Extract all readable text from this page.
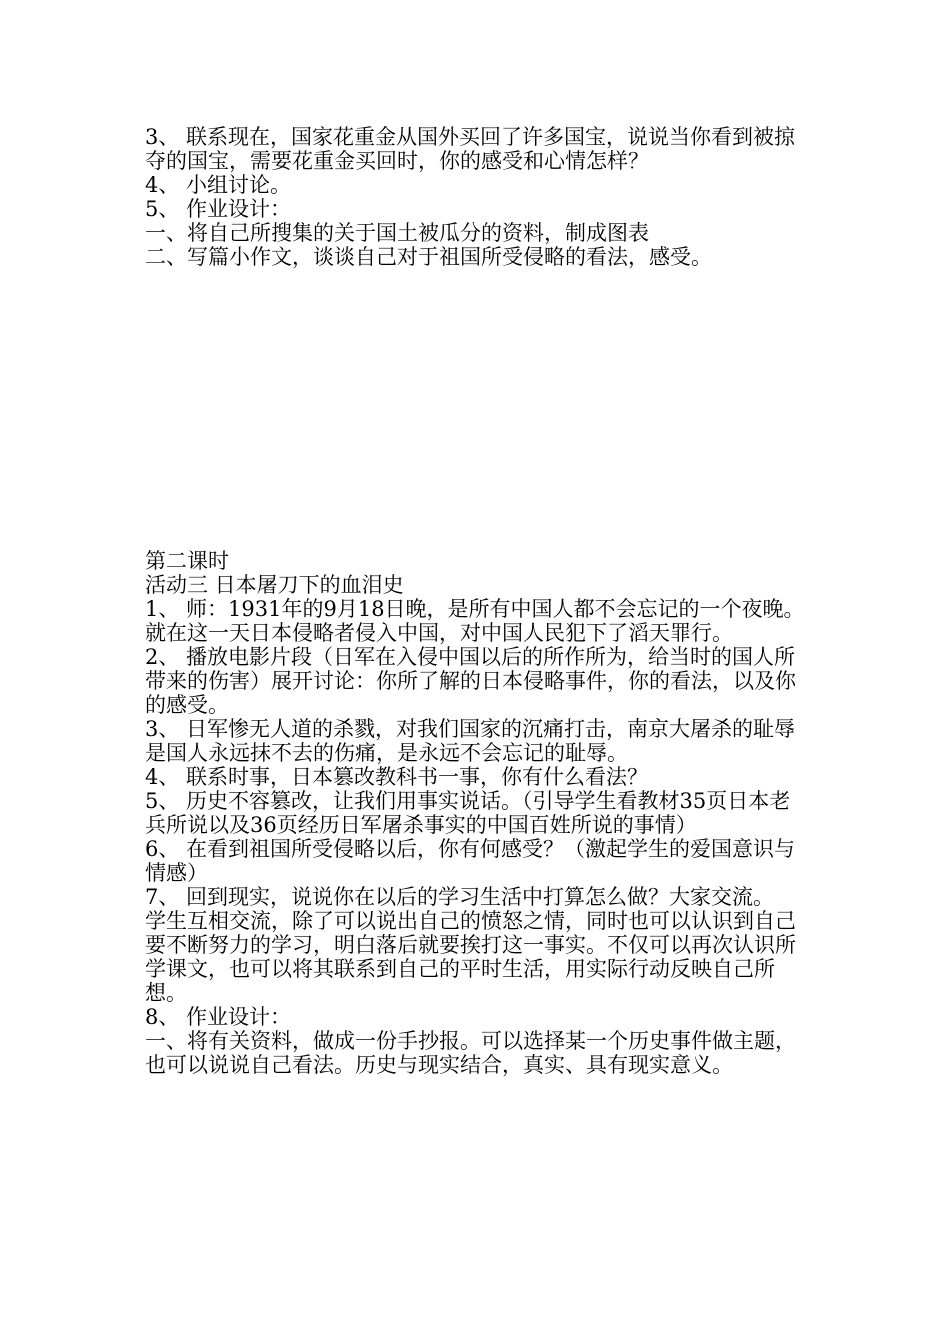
3、 联系现在，国家花重金从国外买回了许多国宝，说说当你看到被掠夺的国宝，需要花重金买回时，你的感受和心情怎样？

4、 小组讨论。

5、 作业设计：

一、将自己所搜集的关于国土被瓜分的资料，制成图表

二、写篇小作文，谈谈自己对于祖国所受侵略的看法，感受。

第二课时

活动三 日本屠刀下的血泪史

1、 师：1931年的9月18日晚，是所有中国人都不会忘记的一个夜晚。就在这一天日本侵略者侵入中国，对中国人民犯下了滔天罪行。

2、 播放电影片段（日军在入侵中国以后的所作所为，给当时的国人所带来的伤害）展开讨论：你所了解的日本侵略事件，你的看法，以及你的感受。

3、 日军惨无人道的杀戮，对我们国家的沉痛打击，南京大屠杀的耻辱是国人永远抹不去的伤痛，是永远不会忘记的耻辱。

4、 联系时事，日本篡改教科书一事，你有什么看法？

5、 历史不容篡改，让我们用事实说话。（引导学生看教材35页日本老兵所说以及36页经历日军屠杀事实的中国百姓所说的事情）

6、 在看到祖国所受侵略以后，你有何感受？（激起学生的爱国意识与情感）

7、 回到现实，说说你在以后的学习生活中打算怎么做？大家交流。

学生互相交流，除了可以说出自己的愤怒之情，同时也可以认识到自己要不断努力的学习，明白落后就要挨打这一事实。不仅可以再次认识所学课文，也可以将其联系到自己的平时生活，用实际行动反映自己所想。

8、 作业设计：

一、将有关资料，做成一份手抄报。可以选择某一个历史事件做主题，也可以说说自己看法。历史与现实结合，真实、具有现实意义。
